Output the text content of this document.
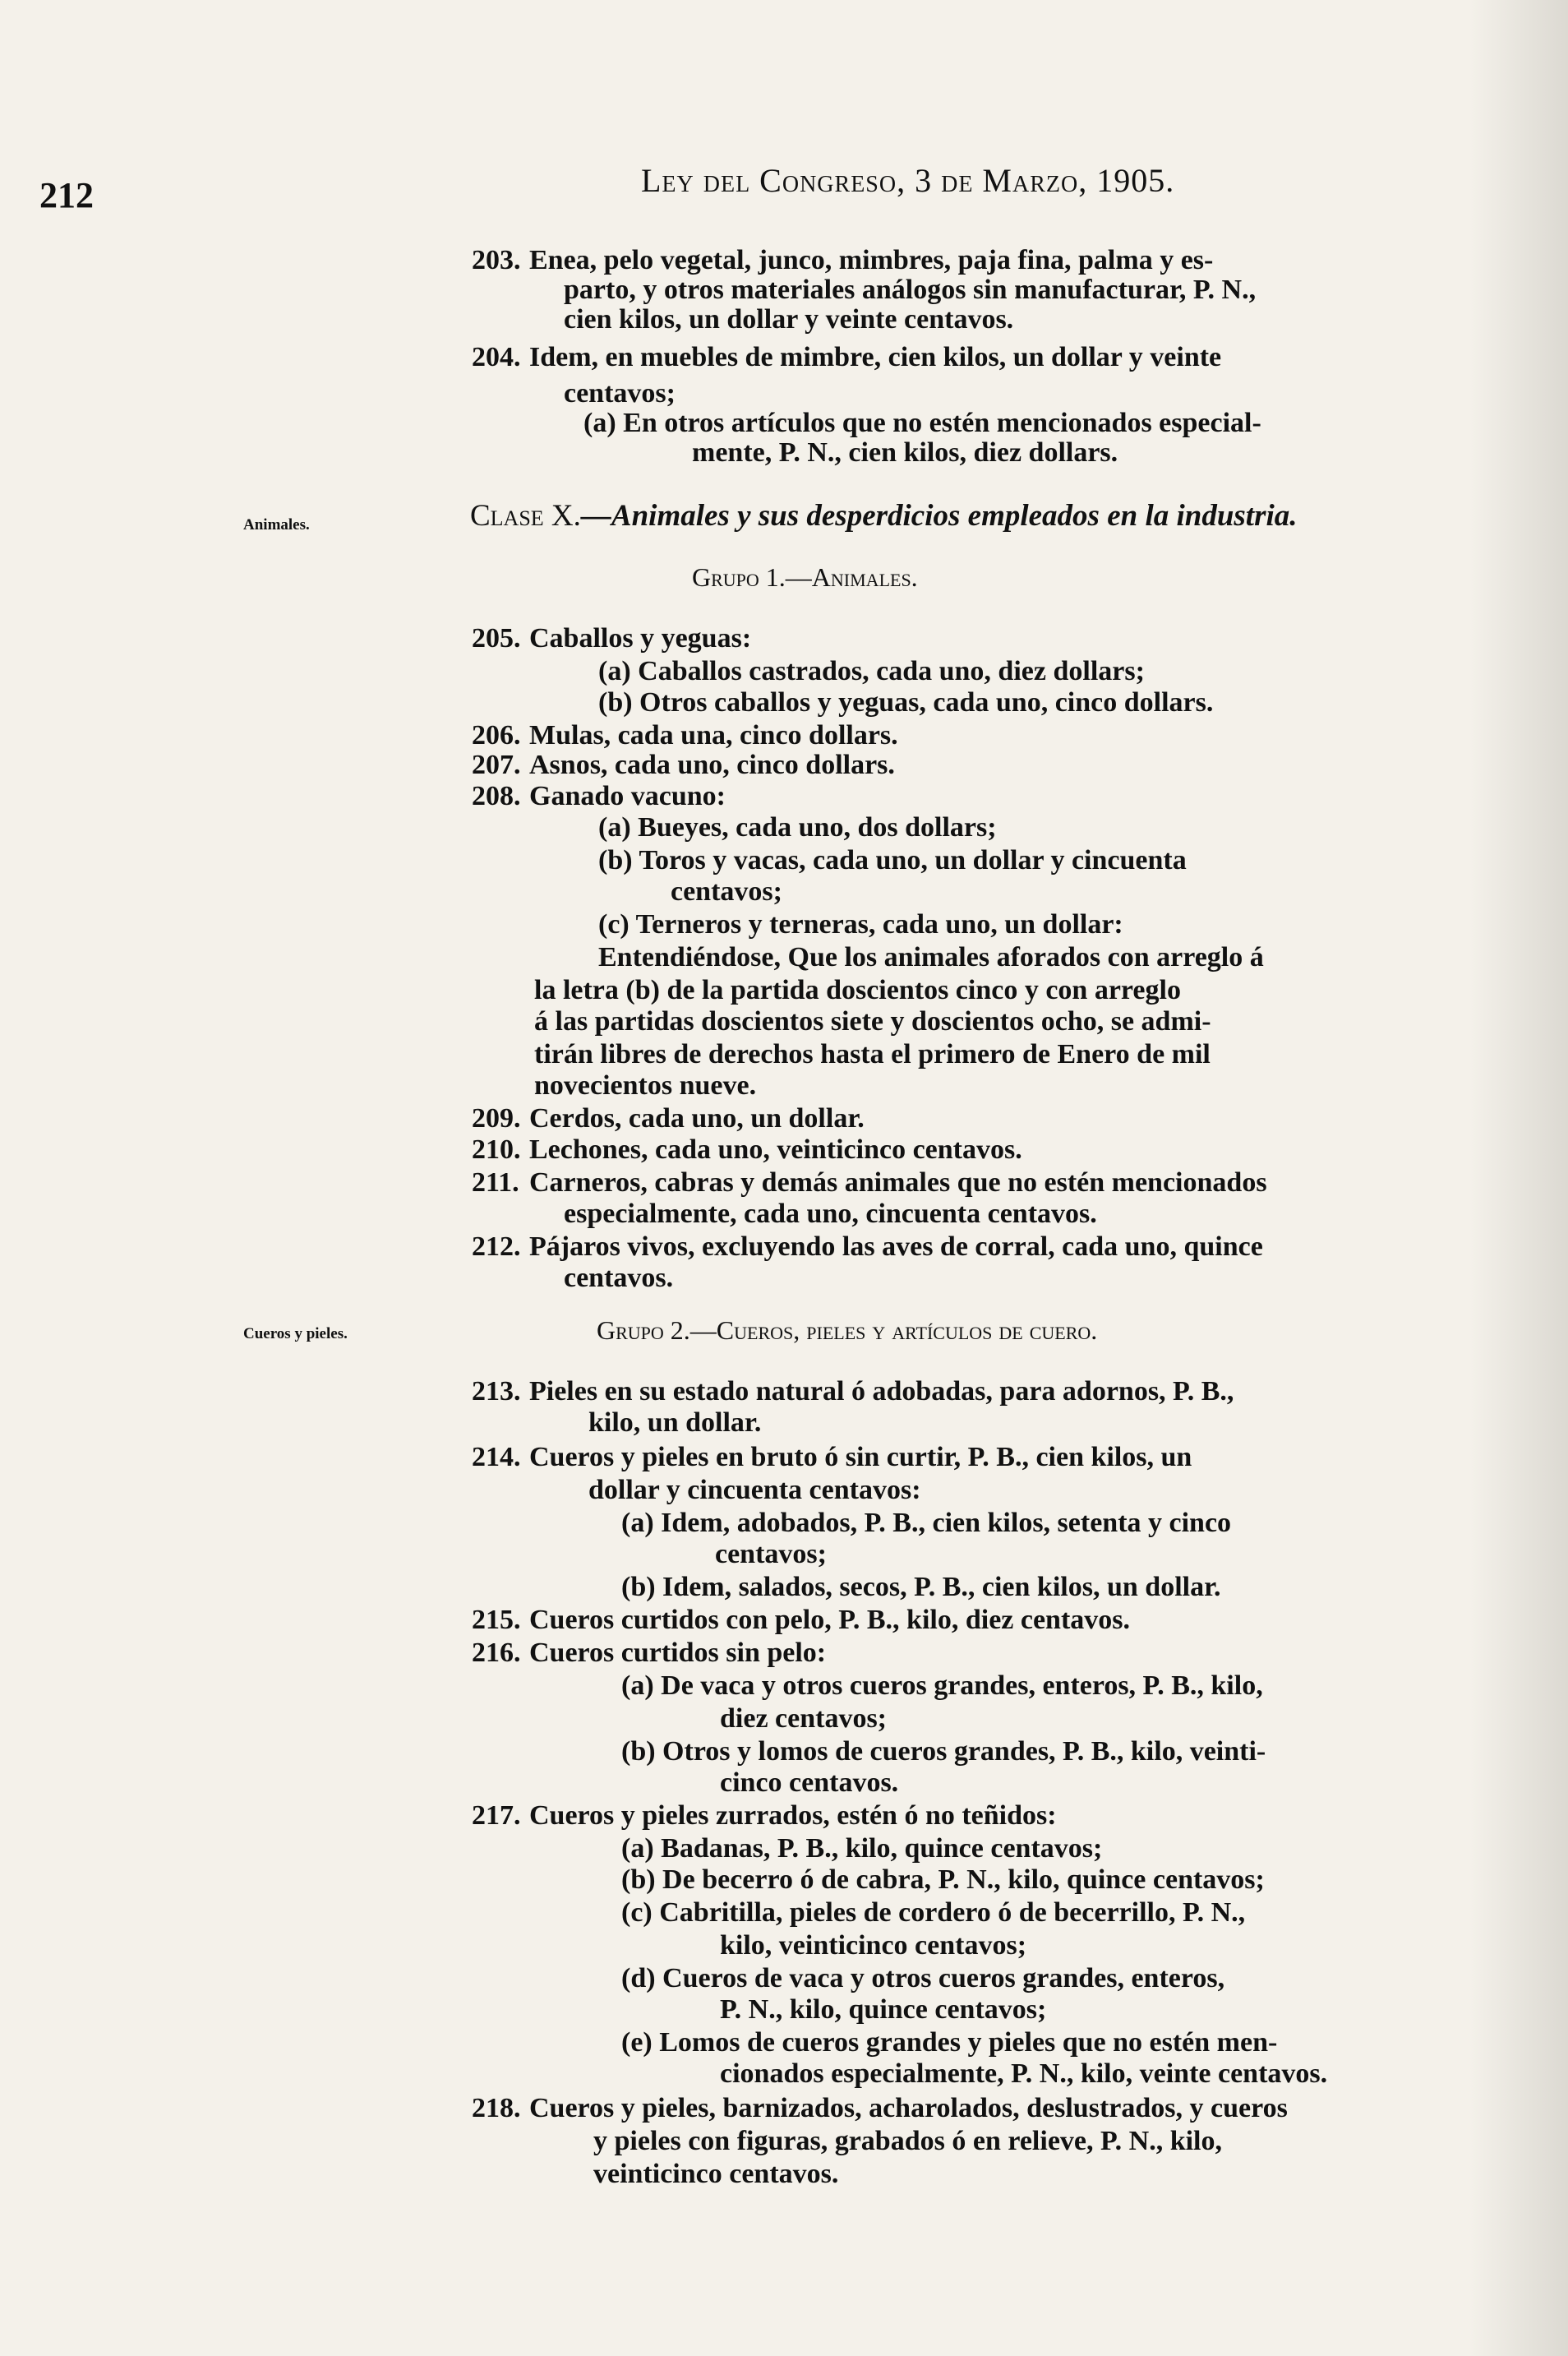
212	Ley del Congreso, 3 de Marzo, 1905.
Animales.
Cueros y pieles.
Clase X.—Animales y sus desperdicios empleados en la industria.
Grupo 1.—Animales.
Grupo 2.—Cueros, pieles y artículos de cuero.
203. Enea, pelo vegetal, junco, mimbres, paja fina, palma y es-
parto, y otros materiales análogos sin manufacturar, P. N.,
cien kilos, un dollar y veinte centavos.
204. Idem, en muebles de mimbre, cien kilos, un dollar y veinte
centavos;
(a) En otros artículos que no estén mencionados especial-
mente, P. N., cien kilos, diez dollars.
205. Caballos y yeguas:
(a) Caballos castrados, cada uno, diez dollars;
(b) Otros caballos y yeguas, cada uno, cinco dollars.
206. Mulas, cada una, cinco dollars.
207. Asnos, cada uno, cinco dollars.
208. Ganado vacuno:
(a) Bueyes, cada uno, dos dollars;
(b) Toros y vacas, cada uno, un dollar y cincuenta
centavos;
(c) Terneros y terneras, cada uno, un dollar:
Entendiéndose, Que los animales aforados con arreglo á
la letra (b) de la partida doscientos cinco y con arreglo
á las partidas doscientos siete y doscientos ocho, se admi-
tirán libres de derechos hasta el primero de Enero de mil
novecientos nueve.
209. Cerdos, cada uno, un dollar.
210. Lechones, cada uno, veinticinco centavos.
211. Carneros, cabras y demás animales que no estén mencionados
especialmente, cada uno, cincuenta centavos.
212. Pájaros vivos, excluyendo las aves de corral, cada uno, quince
centavos.
213. Pieles en su estado natural ó adobadas, para adornos, P. B.,
kilo, un dollar.
214. Cueros y pieles en bruto ó sin curtir, P. B., cien kilos, un
dollar y cincuenta centavos:
(a) Idem, adobados, P. B., cien kilos, setenta y cinco
centavos;
(b) Idem, salados, secos, P. B., cien kilos, un dollar.
215. Cueros curtidos con pelo, P. B., kilo, diez centavos.
216. Cueros curtidos sin pelo:
(a) De vaca y otros cueros grandes, enteros, P. B., kilo,
diez centavos;
(b) Otros y lomos de cueros grandes, P. B., kilo, veinti-
cinco centavos.
217. Cueros y pieles zurrados, estén ó no teñidos:
(a) Badanas, P. B., kilo, quince centavos;
(b) De becerro ó de cabra, P. N., kilo, quince centavos;
(c) Cabritilla, pieles de cordero ó de becerrillo, P. N.,
kilo, veinticinco centavos;
(d) Cueros de vaca y otros cueros grandes, enteros,
P. N., kilo, quince centavos;
(e) Lomos de cueros grandes y pieles que no estén men-
cionados especialmente, P. N., kilo, veinte centavos.
218. Cueros y pieles, barnizados, acharolados, deslustrados, y cueros
y pieles con figuras, grabados ó en relieve, P. N., kilo,
veinticinco centavos.
